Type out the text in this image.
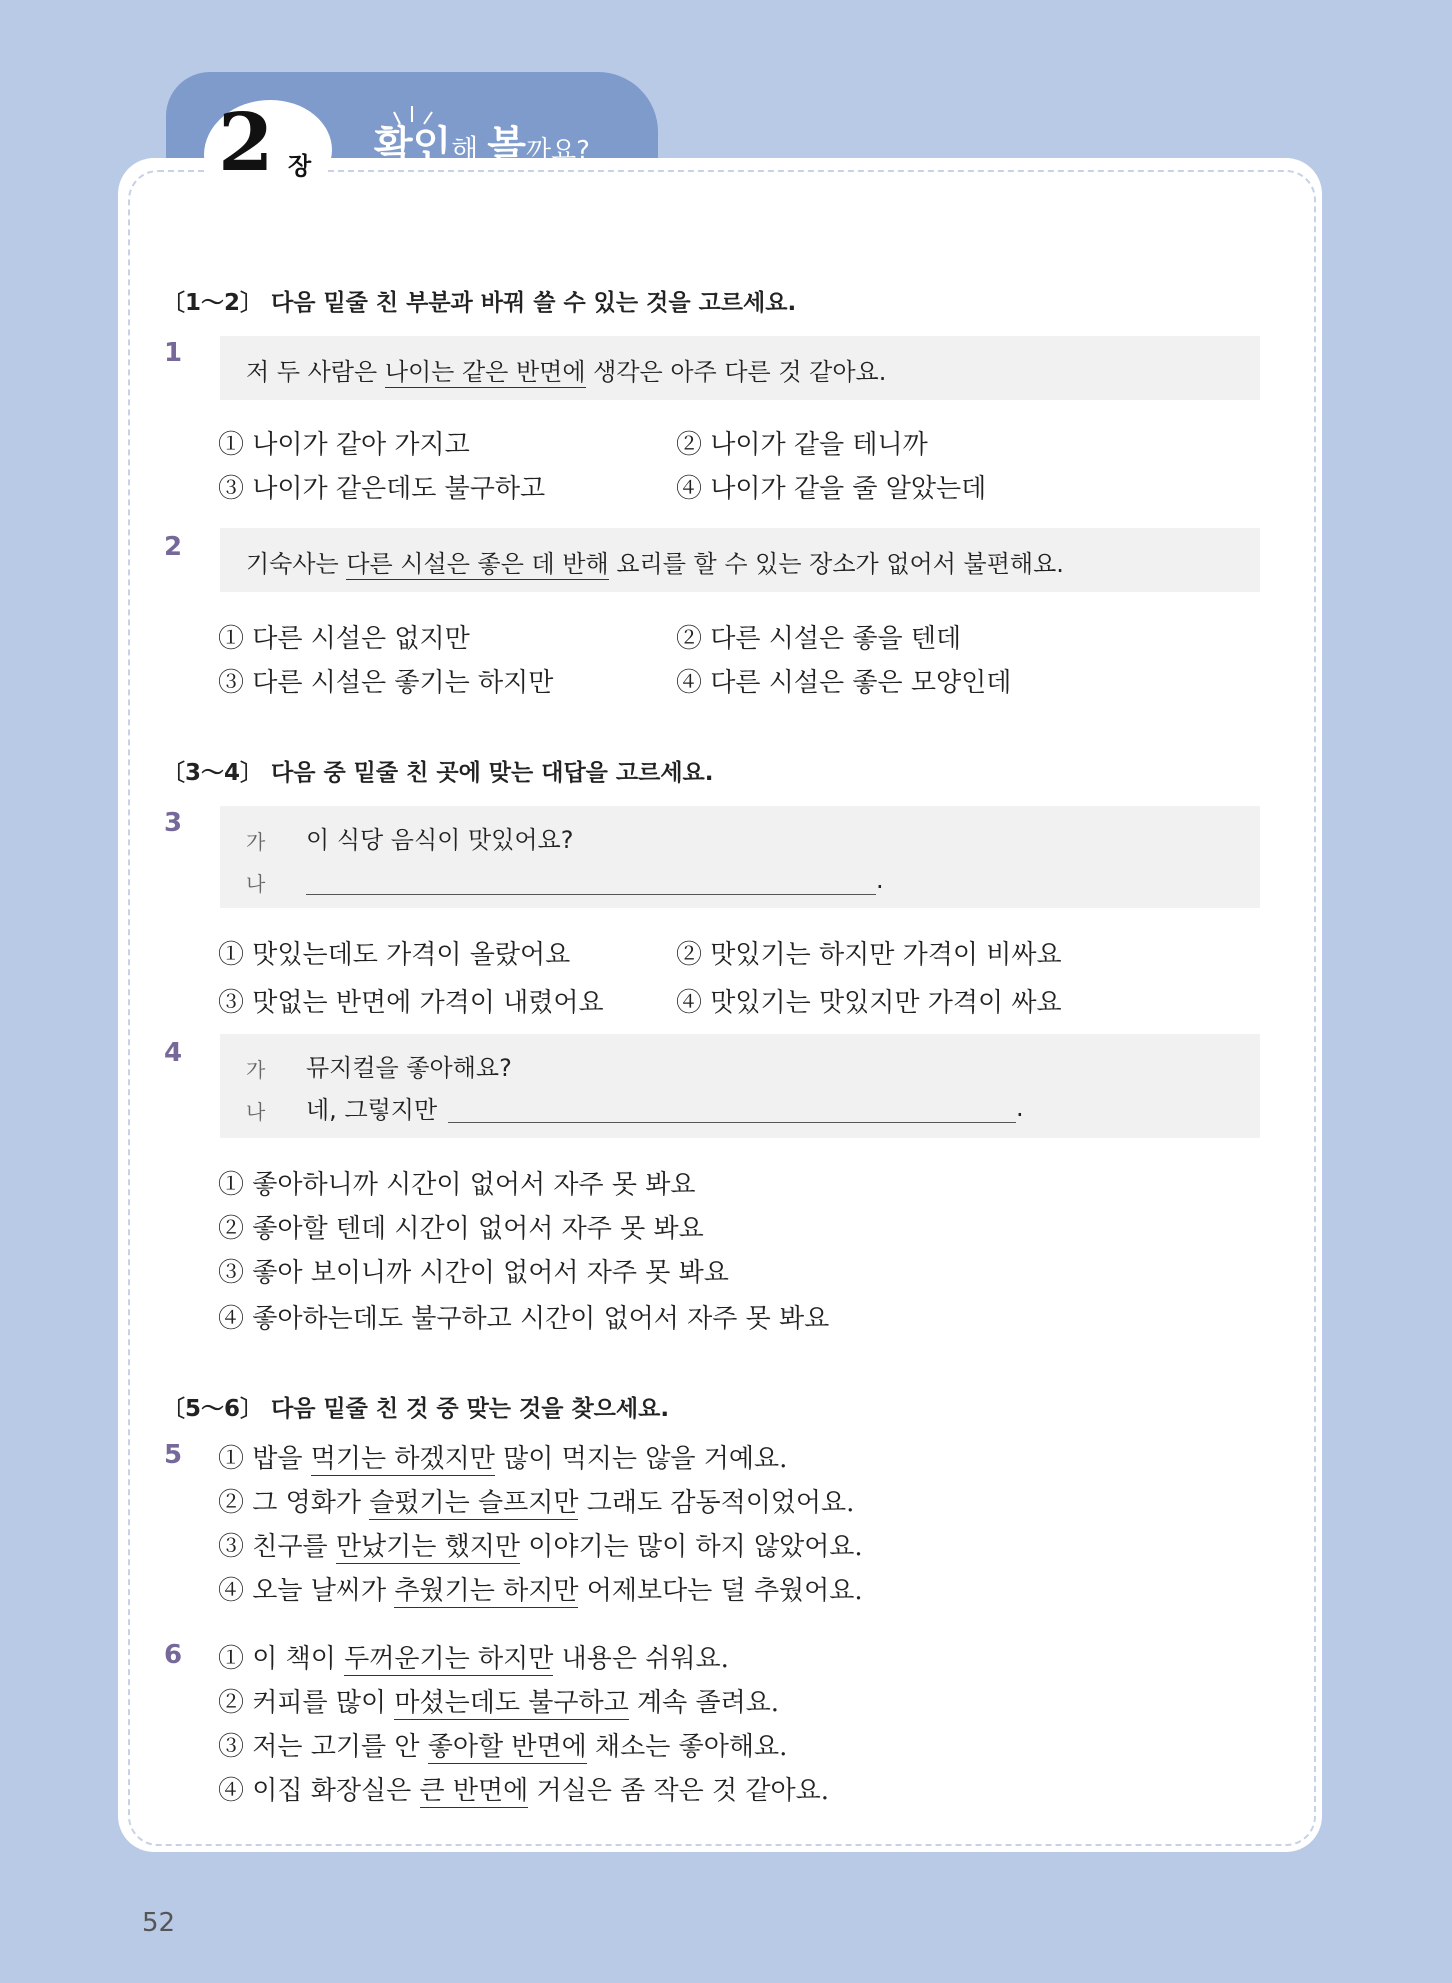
2 장 확인해 볼까요?
〔1～2〕 다음 밑줄 친 부분과 바꿔 쓸 수 있는 것을 고르세요.
1
저 두 사람은 나이는 같은 반면에 생각은 아주 다른 것 같아요.
① 나이가 같아 가지고	② 나이가 같을 테니까
③ 나이가 같은데도 불구하고	④ 나이가 같을 줄 알았는데
2
기숙사는 다른 시설은 좋은 데 반해 요리를 할 수 있는 장소가 없어서 불편해요.
① 다른 시설은 없지만	② 다른 시설은 좋을 텐데
③ 다른 시설은 좋기는 하지만	④ 다른 시설은 좋은 모양인데
〔3～4〕 다음 중 밑줄 친 곳에 맞는 대답을 고르세요.
3
가 이 식당 음식이 맛있어요?
나	.
① 맛있는데도 가격이 올랐어요	② 맛있기는 하지만 가격이 비싸요
③ 맛없는 반면에 가격이 내렸어요	④ 맛있기는 맛있지만 가격이 싸요
4
가 뮤지컬을 좋아해요?
나 네, 그렇지만	.
① 좋아하니까 시간이 없어서 자주 못 봐요
② 좋아할 텐데 시간이 없어서 자주 못 봐요
③ 좋아 보이니까 시간이 없어서 자주 못 봐요
④ 좋아하는데도 불구하고 시간이 없어서 자주 못 봐요
〔5～6〕 다음 밑줄 친 것 중 맞는 것을 찾으세요.
5 ① 밥을 먹기는 하겠지만 많이 먹지는 않을 거예요.
② 그 영화가 슬펐기는 슬프지만 그래도 감동적이었어요.
③ 친구를 만났기는 했지만 이야기는 많이 하지 않았어요.
④ 오늘 날씨가 추웠기는 하지만 어제보다는 덜 추웠어요.
6 ① 이 책이 두꺼운기는 하지만 내용은 쉬워요.
② 커피를 많이 마셨는데도 불구하고 계속 졸려요.
③ 저는 고기를 안 좋아할 반면에 채소는 좋아해요.
④ 이집 화장실은 큰 반면에 거실은 좀 작은 것 같아요.
52
